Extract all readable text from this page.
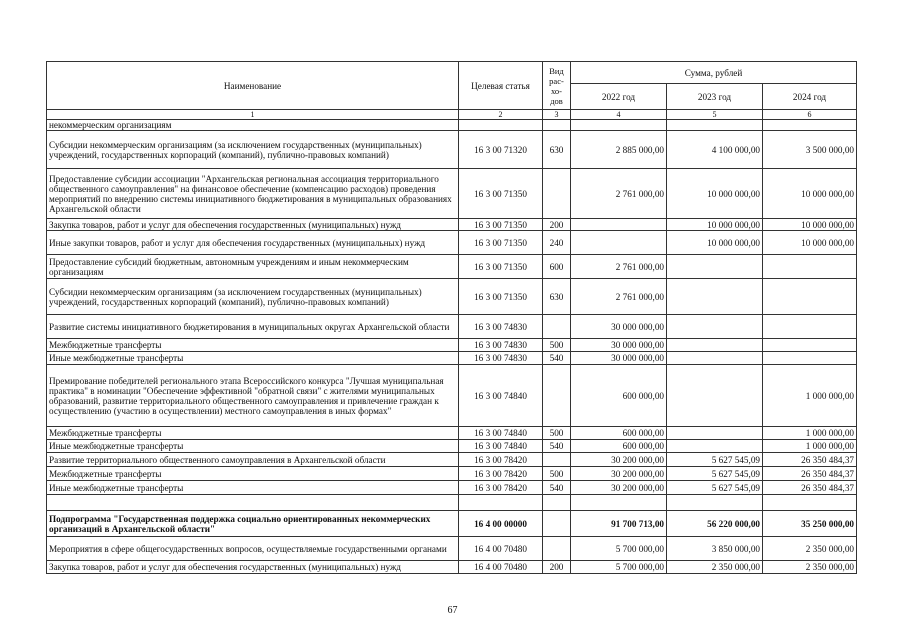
Наименование	Целевая статья	Вид рас-хо-дов	Сумма, рублей		
			2022 год	2023 год	2024 год
1	2	3	4	5	6
некоммерческим организациям					
Субсидии некоммерческим организациям (за исключением государственных (муниципальных) учреждений, государственных корпораций (компаний), публично-правовых компаний)	16 3 00 71320	630	2 885 000,00	4 100 000,00	3 500 000,00
Предоставление субсидии ассоциации "Архангельская региональная ассоциация территориального общественного самоуправления" на финансовое обеспечение (компенсацию расходов) проведения мероприятий по внедрению системы инициативного бюджетирования в муниципальных образованиях Архангельской области	16 3 00 71350		2 761 000,00	10 000 000,00	10 000 000,00
Закупка товаров, работ и услуг для обеспечения государственных (муниципальных) нужд	16 3 00 71350	200		10 000 000,00	10 000 000,00
Иные закупки товаров, работ и услуг для обеспечения государственных (муниципальных) нужд	16 3 00 71350	240		10 000 000,00	10 000 000,00
Предоставление субсидий бюджетным, автономным учреждениям и иным некоммерческим организациям	16 3 00 71350	600	2 761 000,00		
Субсидии некоммерческим организациям (за исключением государственных (муниципальных) учреждений, государственных корпораций (компаний), публично-правовых компаний)	16 3 00 71350	630	2 761 000,00		
Развитие системы инициативного бюджетирования в муниципальных округах Архангельской области	16 3 00 74830		30 000 000,00		
Межбюджетные трансферты	16 3 00 74830	500	30 000 000,00		
Иные межбюджетные трансферты	16 3 00 74830	540	30 000 000,00		
Премирование победителей регионального этапа Всероссийского конкурса "Лучшая муниципальная практика" в номинации "Обеспечение эффективной "обратной связи" с жителями муниципальных образований, развитие территориального общественного самоуправления и привлечение граждан к осуществлению (участию в осуществлении) местного самоуправления в иных формах"	16 3 00 74840		600 000,00		1 000 000,00
Межбюджетные трансферты	16 3 00 74840	500	600 000,00		1 000 000,00
Иные межбюджетные трансферты	16 3 00 74840	540	600 000,00		1 000 000,00
Развитие территориального общественного самоуправления в Архангельской области	16 3 00 78420		30 200 000,00	5 627 545,09	26 350 484,37
Межбюджетные трансферты	16 3 00 78420	500	30 200 000,00	5 627 545,09	26 350 484,37
Иные межбюджетные трансферты	16 3 00 78420	540	30 200 000,00	5 627 545,09	26 350 484,37

Подпрограмма "Государственная поддержка социально ориентированных некоммерческих организаций в Архангельской области"	16 4 00 00000		91 700 713,00	56 220 000,00	35 250 000,00
Мероприятия в сфере общегосударственных вопросов, осуществляемые государственными органами	16 4 00 70480		5 700 000,00	3 850 000,00	2 350 000,00
Закупка товаров, работ и услуг для обеспечения государственных (муниципальных) нужд	16 4 00 70480	200	5 700 000,00	2 350 000,00	2 350 000,00
67
